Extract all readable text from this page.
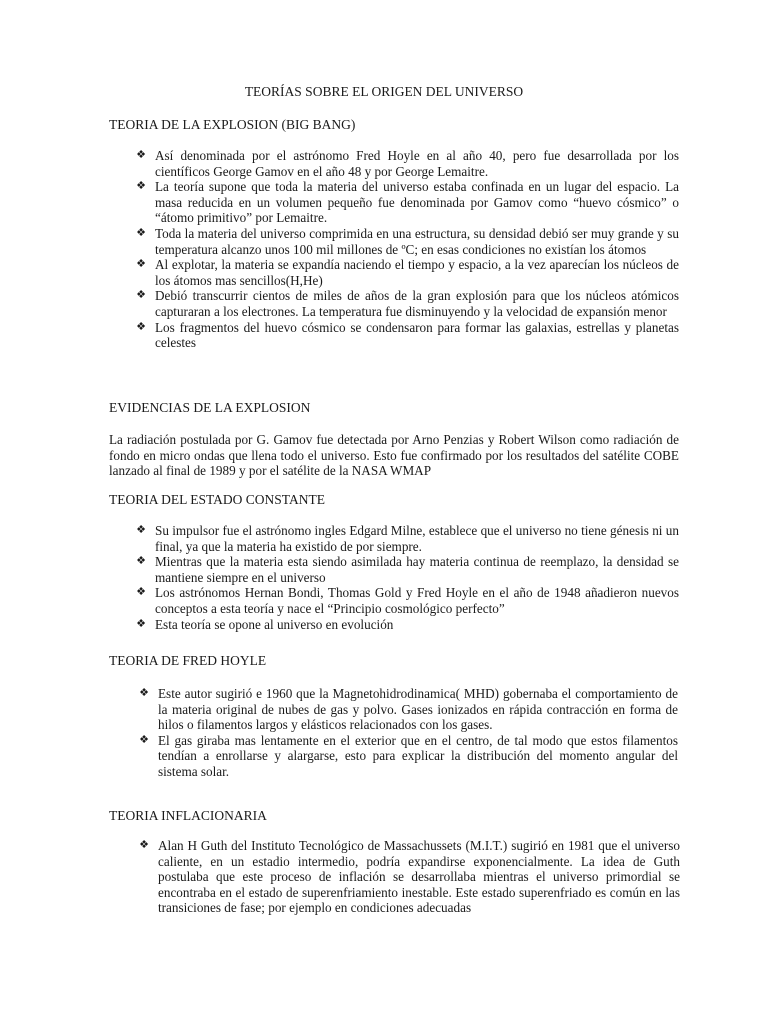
TEORÍAS SOBRE EL ORIGEN DEL UNIVERSO
TEORIA DE LA EXPLOSION (BIG BANG)
❖ Así denominada por el astrónomo Fred Hoyle en al año 40, pero fue desarrollada por los científicos George Gamov en el año 48 y por George Lemaitre.
❖ La teoría supone que toda la materia del universo estaba confinada en un lugar del espacio. La masa reducida en un volumen pequeño fue denominada por Gamov como “huevo cósmico” o “átomo primitivo” por Lemaitre.
❖ Toda la materia del universo comprimida en una estructura, su densidad debió ser muy grande y su temperatura alcanzo unos 100 mil millones de ºC; en esas condiciones no existían los átomos
❖ Al explotar, la materia se expandía naciendo el tiempo y espacio, a la vez aparecían los núcleos de los átomos mas sencillos(H,He)
❖ Debió transcurrir cientos de miles de años de la gran explosión para que los núcleos atómicos capturaran a los electrones. La temperatura fue disminuyendo y la velocidad de expansión menor
❖ Los fragmentos del huevo cósmico se condensaron para formar las galaxias, estrellas y planetas celestes
EVIDENCIAS DE LA EXPLOSION
La radiación postulada por G. Gamov fue detectada por Arno Penzias y Robert Wilson como radiación de fondo en micro ondas que llena todo el universo. Esto fue confirmado por los resultados del satélite COBE lanzado al final de 1989 y por el satélite de la NASA WMAP
TEORIA DEL ESTADO CONSTANTE
❖ Su impulsor fue el astrónomo ingles Edgard Milne, establece que el universo no tiene génesis ni un final, ya que la materia ha existido de por siempre.
❖ Mientras que la materia esta siendo asimilada hay materia continua de reemplazo, la densidad se mantiene siempre en el universo
❖ Los astrónomos Hernan Bondi, Thomas Gold y Fred Hoyle en el año de 1948 añadieron nuevos conceptos a esta teoría y nace el “Principio cosmológico perfecto”
❖ Esta teoría se opone al universo en evolución
TEORIA DE FRED HOYLE
❖ Este autor sugirió e 1960 que la Magnetohidrodinamica( MHD) gobernaba el comportamiento de la materia original de nubes de gas y polvo. Gases ionizados en rápida contracción en forma de hilos o filamentos largos y elásticos relacionados con los gases.
❖ El gas giraba mas lentamente en el exterior que en el centro, de tal modo que estos filamentos tendían a enrollarse y alargarse, esto para explicar la distribución del momento angular del sistema solar.
TEORIA INFLACIONARIA
❖ Alan H Guth del Instituto Tecnológico de Massachussets (M.I.T.) sugirió en 1981 que el universo caliente, en un estadio intermedio, podría expandirse exponencialmente. La idea de Guth postulaba que este proceso de inflación se desarrollaba mientras el universo primordial se encontraba en el estado de superenfriamiento inestable. Este estado superenfriado es común en las transiciones de fase; por ejemplo en condiciones adecuadas
